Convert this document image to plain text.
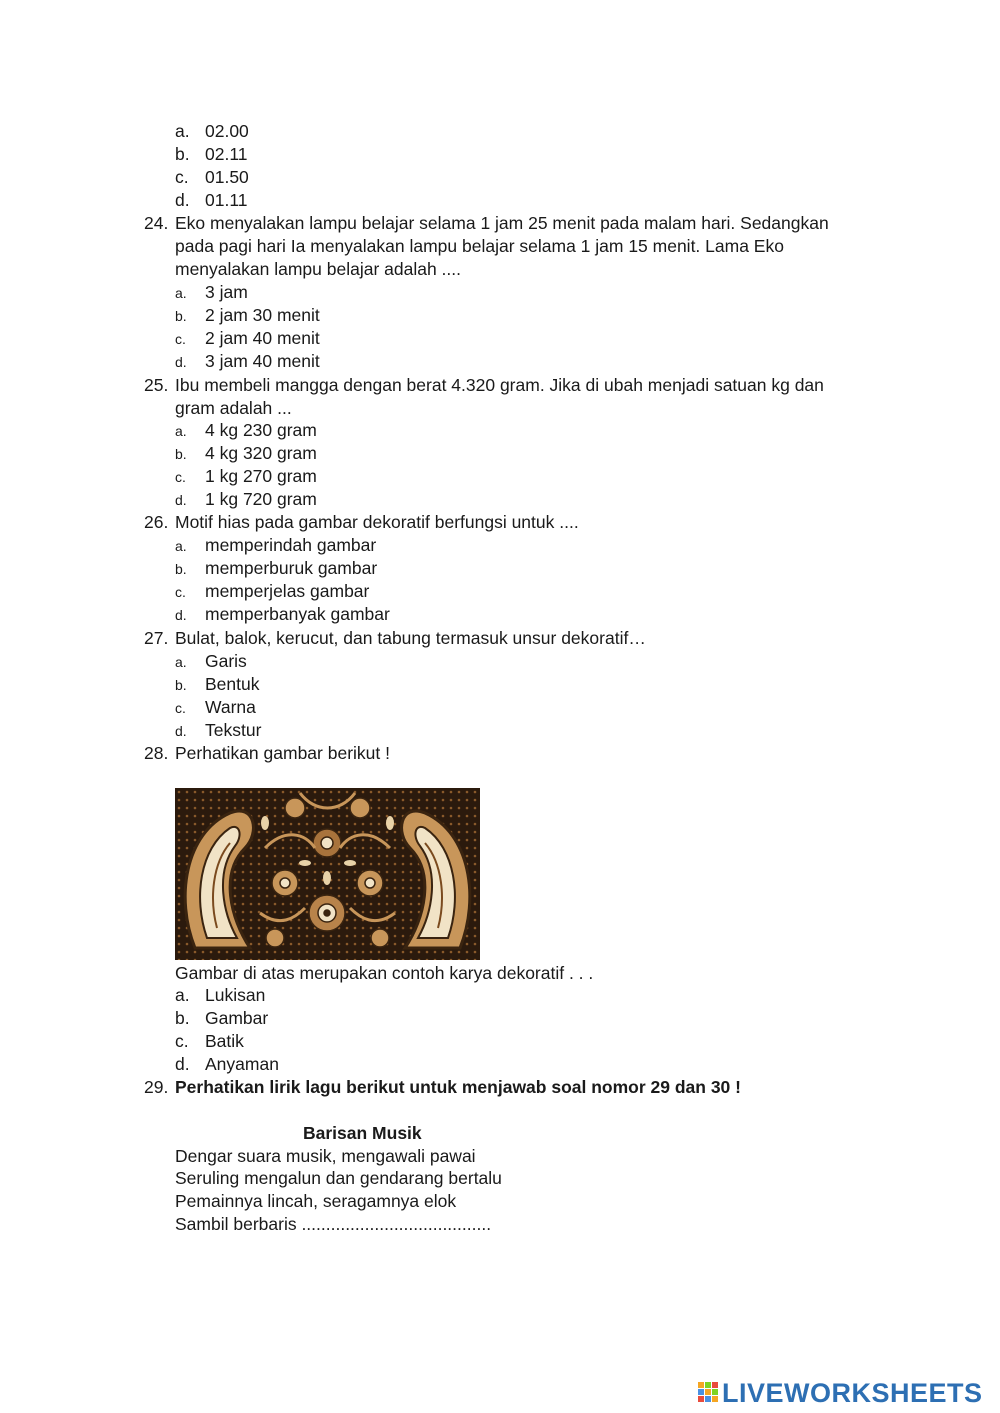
a. 02.00
b. 02.11
c. 01.50
d. 01.11
24. Eko menyalakan lampu belajar selama 1 jam 25 menit pada malam hari. Sedangkan
pada pagi hari Ia menyalakan lampu belajar selama 1 jam 15 menit. Lama Eko
menyalakan lampu belajar adalah ....
a. 3 jam
b. 2 jam 30 menit
c. 2 jam 40 menit
d. 3 jam 40 menit
25. Ibu membeli mangga dengan berat 4.320 gram. Jika di ubah menjadi satuan kg dan
gram adalah ...
a. 4 kg 230 gram
b. 4 kg 320 gram
c. 1 kg 270 gram
d. 1 kg 720 gram
26. Motif hias pada gambar dekoratif berfungsi untuk ....
a. memperindah gambar
b. memperburuk gambar
c. memperjelas gambar
d. memperbanyak gambar
27. Bulat, balok, kerucut, dan tabung termasuk unsur dekoratif…
a. Garis
b. Bentuk
c. Warna
d. Tekstur
28. Perhatikan gambar berikut !
Gambar di atas merupakan contoh karya dekoratif . . .
a. Lukisan
b. Gambar
c. Batik
d. Anyaman
29. Perhatikan lirik lagu berikut untuk menjawab soal nomor 29 dan 30 !
Barisan Musik
Dengar suara musik, mengawali pawai
Seruling mengalun dan gendarang bertalu
Pemainnya lincah, seragamnya elok
Sambil berbaris .......................................
LIVEWORKSHEETS
